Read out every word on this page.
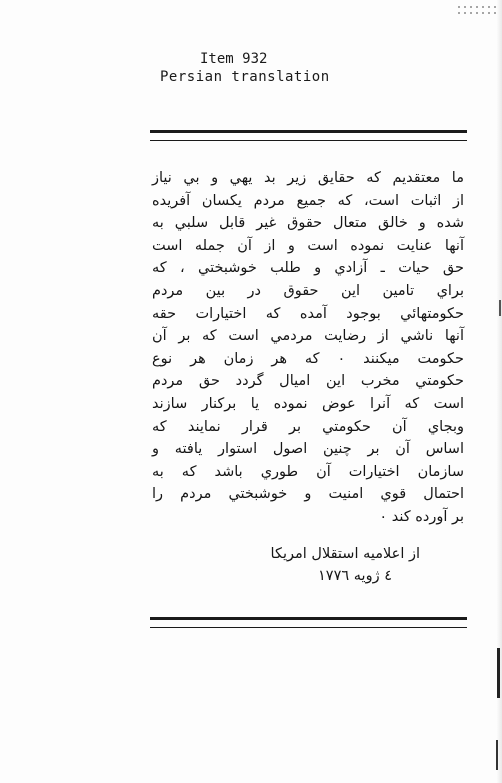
Item 932
Persian translation
ما معتقديم كه حقايق زير بد يهي و بي نياز
از اثبات است، كه جميع مردم يكسان آفريده
شده و خالق متعال حقوق غير قابل سلبي به
آنها عنايت نموده است و از آن جمله است
حق حيات ـ آزادي و طلب خوشبختي ، كه
براي تامين اين حقوق در بين مردم
حكومتهائي بوجود آمده كه اختيارات حقه
آنها ناشي از رضايت مردمي است كه بر آن
حكومت ميكنند ٠ كه هر زمان هر نوع
حكومتي مخرب اين اميال گردد حق مردم
است كه آنرا عوض نموده يا بركنار سازند
وبجاي آن حكومتي بر قرار نمايند كه
اساس آن بر چنين اصول استوار يافته و
سازمان اختيارات آن طوري باشد كه به
احتمال قوي امنيت و خوشبختي مردم را
بر آورده كند ٠
از اعلاميه استقلال امريكا
٤ ژويه ١٧٧٦
